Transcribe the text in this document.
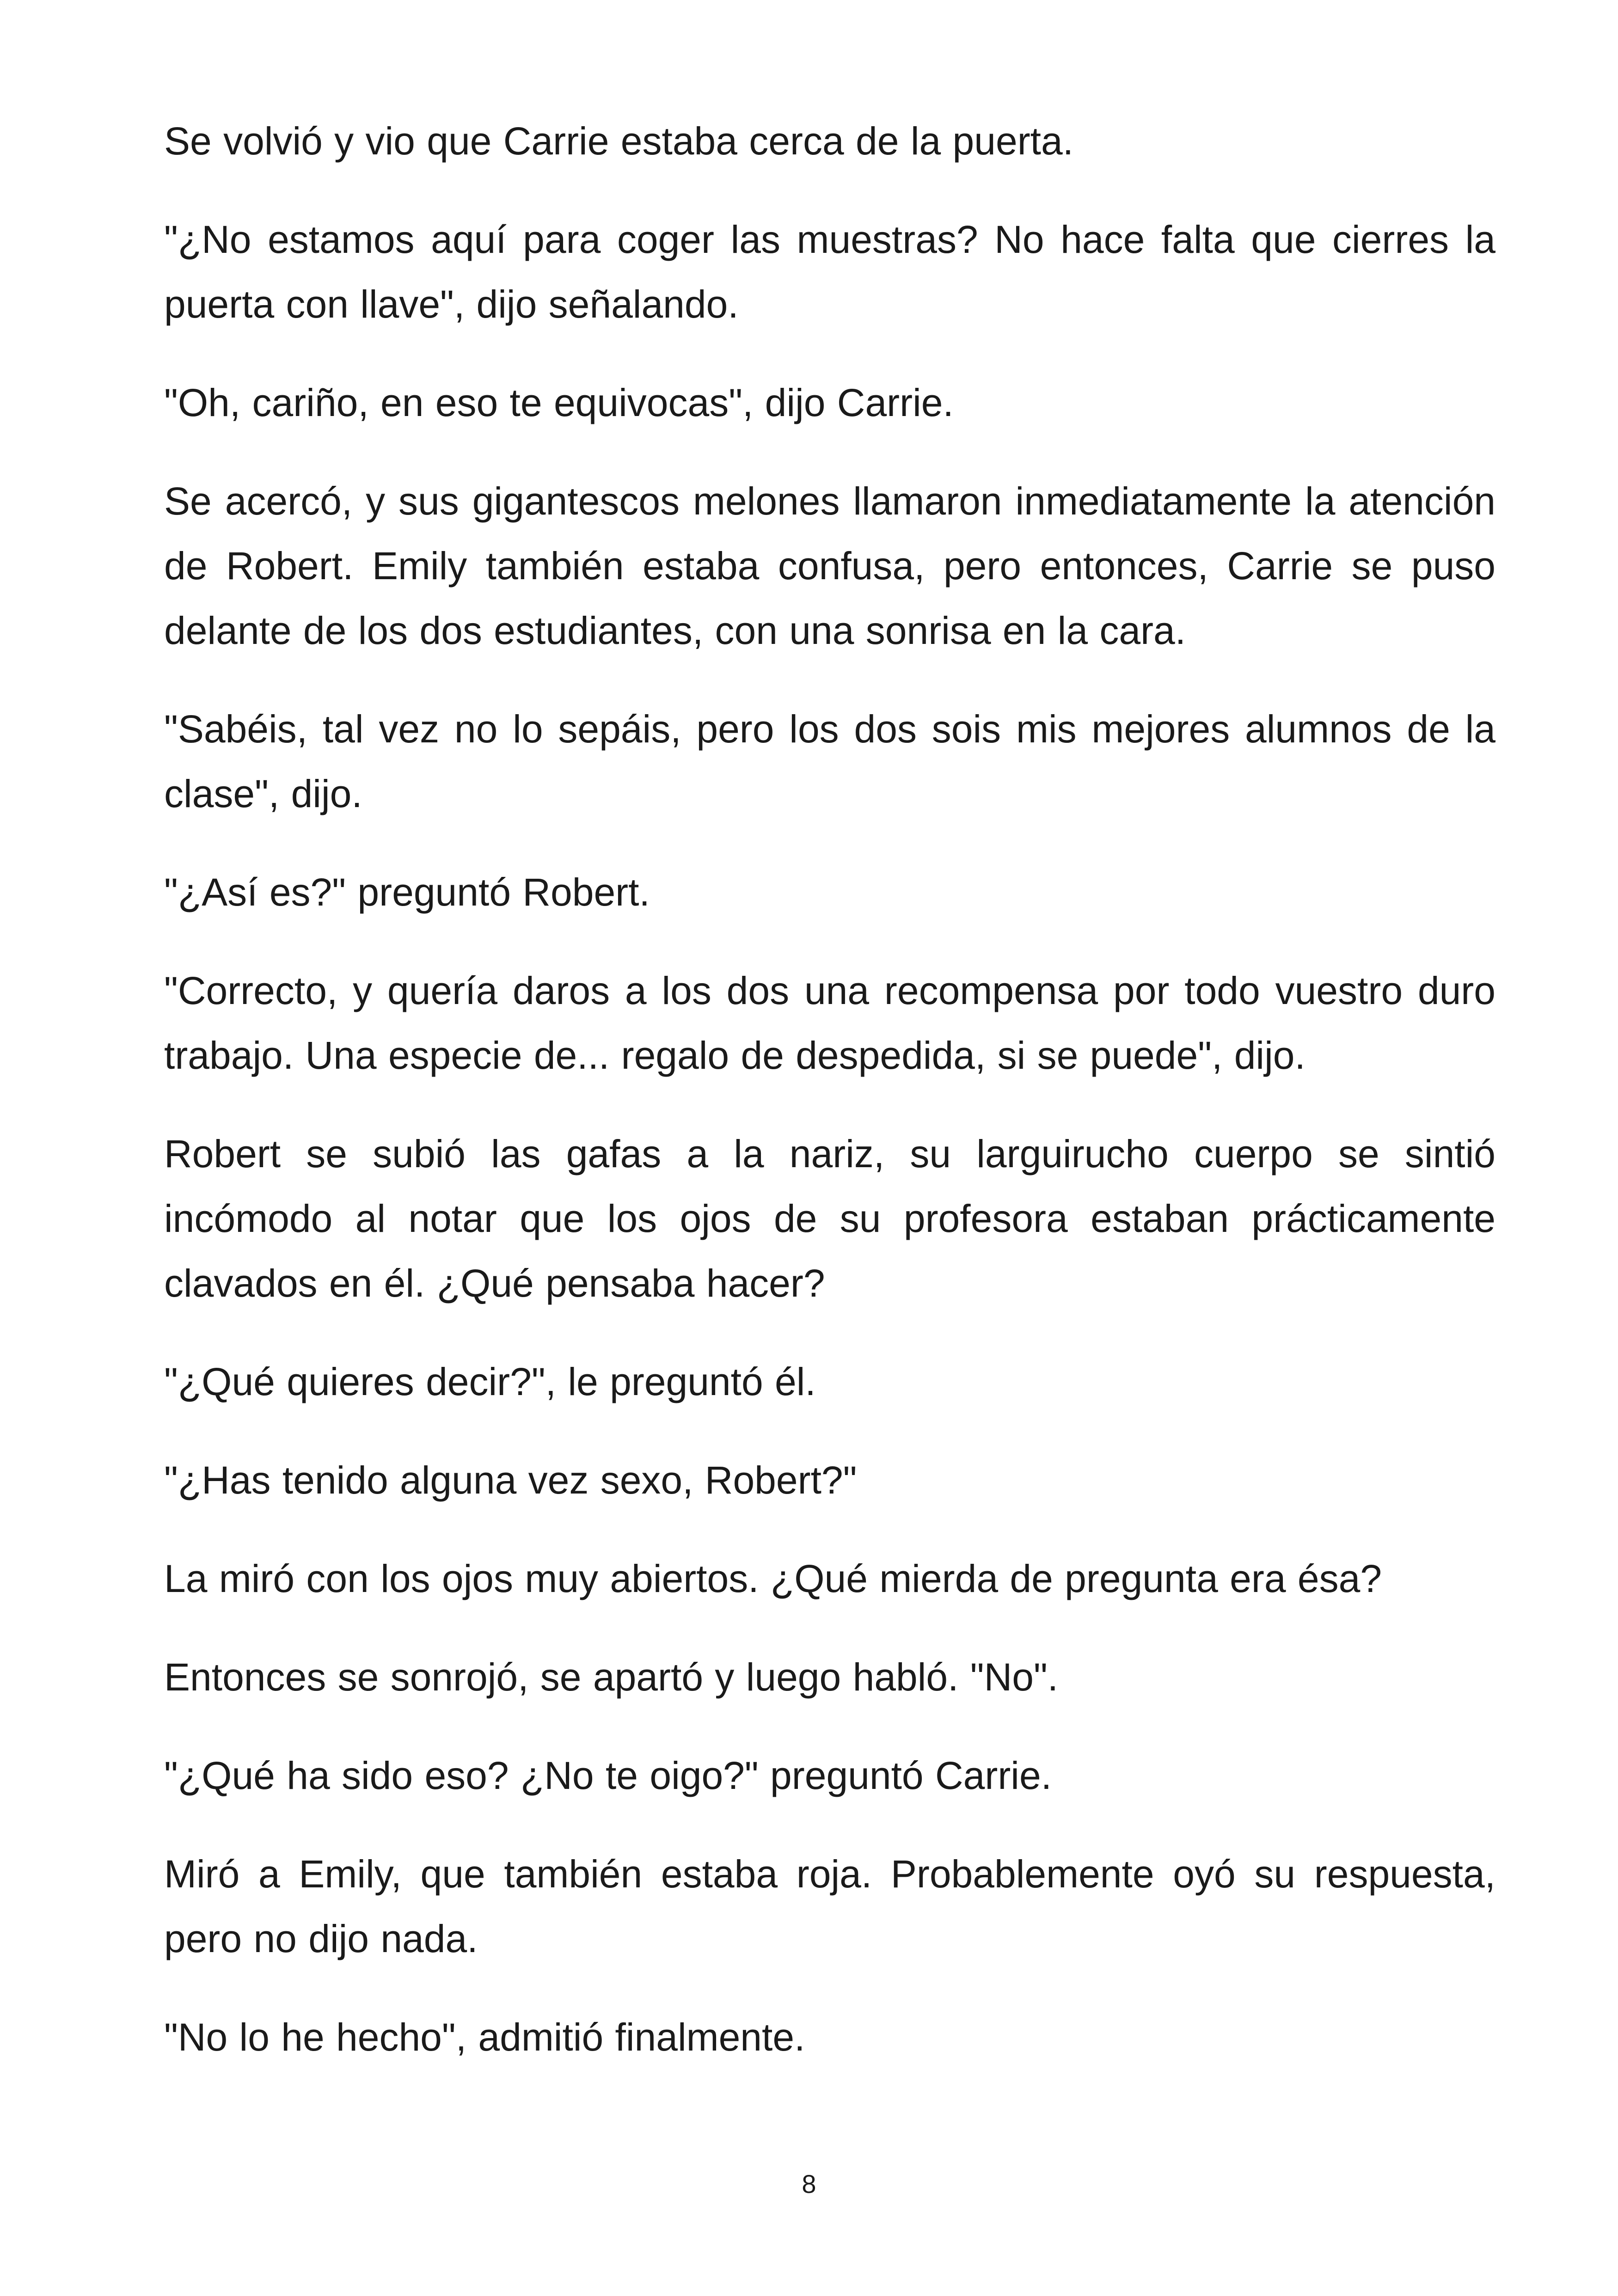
Se volvió y vio que Carrie estaba cerca de la puerta.

"¿No estamos aquí para coger las muestras? No hace falta que cierres la puerta con llave", dijo señalando.

"Oh, cariño, en eso te equivocas", dijo Carrie.

Se acercó, y sus gigantescos melones llamaron inmediatamente la atención de Robert. Emily también estaba confusa, pero entonces, Carrie se puso delante de los dos estudiantes, con una sonrisa en la cara.

"Sabéis, tal vez no lo sepáis, pero los dos sois mis mejores alumnos de la clase", dijo.

"¿Así es?" preguntó Robert.

"Correcto, y quería daros a los dos una recompensa por todo vuestro duro trabajo. Una especie de... regalo de despedida, si se puede", dijo.

Robert se subió las gafas a la nariz, su larguirucho cuerpo se sintió incómodo al notar que los ojos de su profesora estaban prácticamente clavados en él. ¿Qué pensaba hacer?

"¿Qué quieres decir?", le preguntó él.

"¿Has tenido alguna vez sexo, Robert?"

La miró con los ojos muy abiertos. ¿Qué mierda de pregunta era ésa?

Entonces se sonrojó, se apartó y luego habló. "No".

"¿Qué ha sido eso? ¿No te oigo?" preguntó Carrie.

Miró a Emily, que también estaba roja. Probablemente oyó su respuesta, pero no dijo nada.

"No lo he hecho", admitió finalmente.

8
